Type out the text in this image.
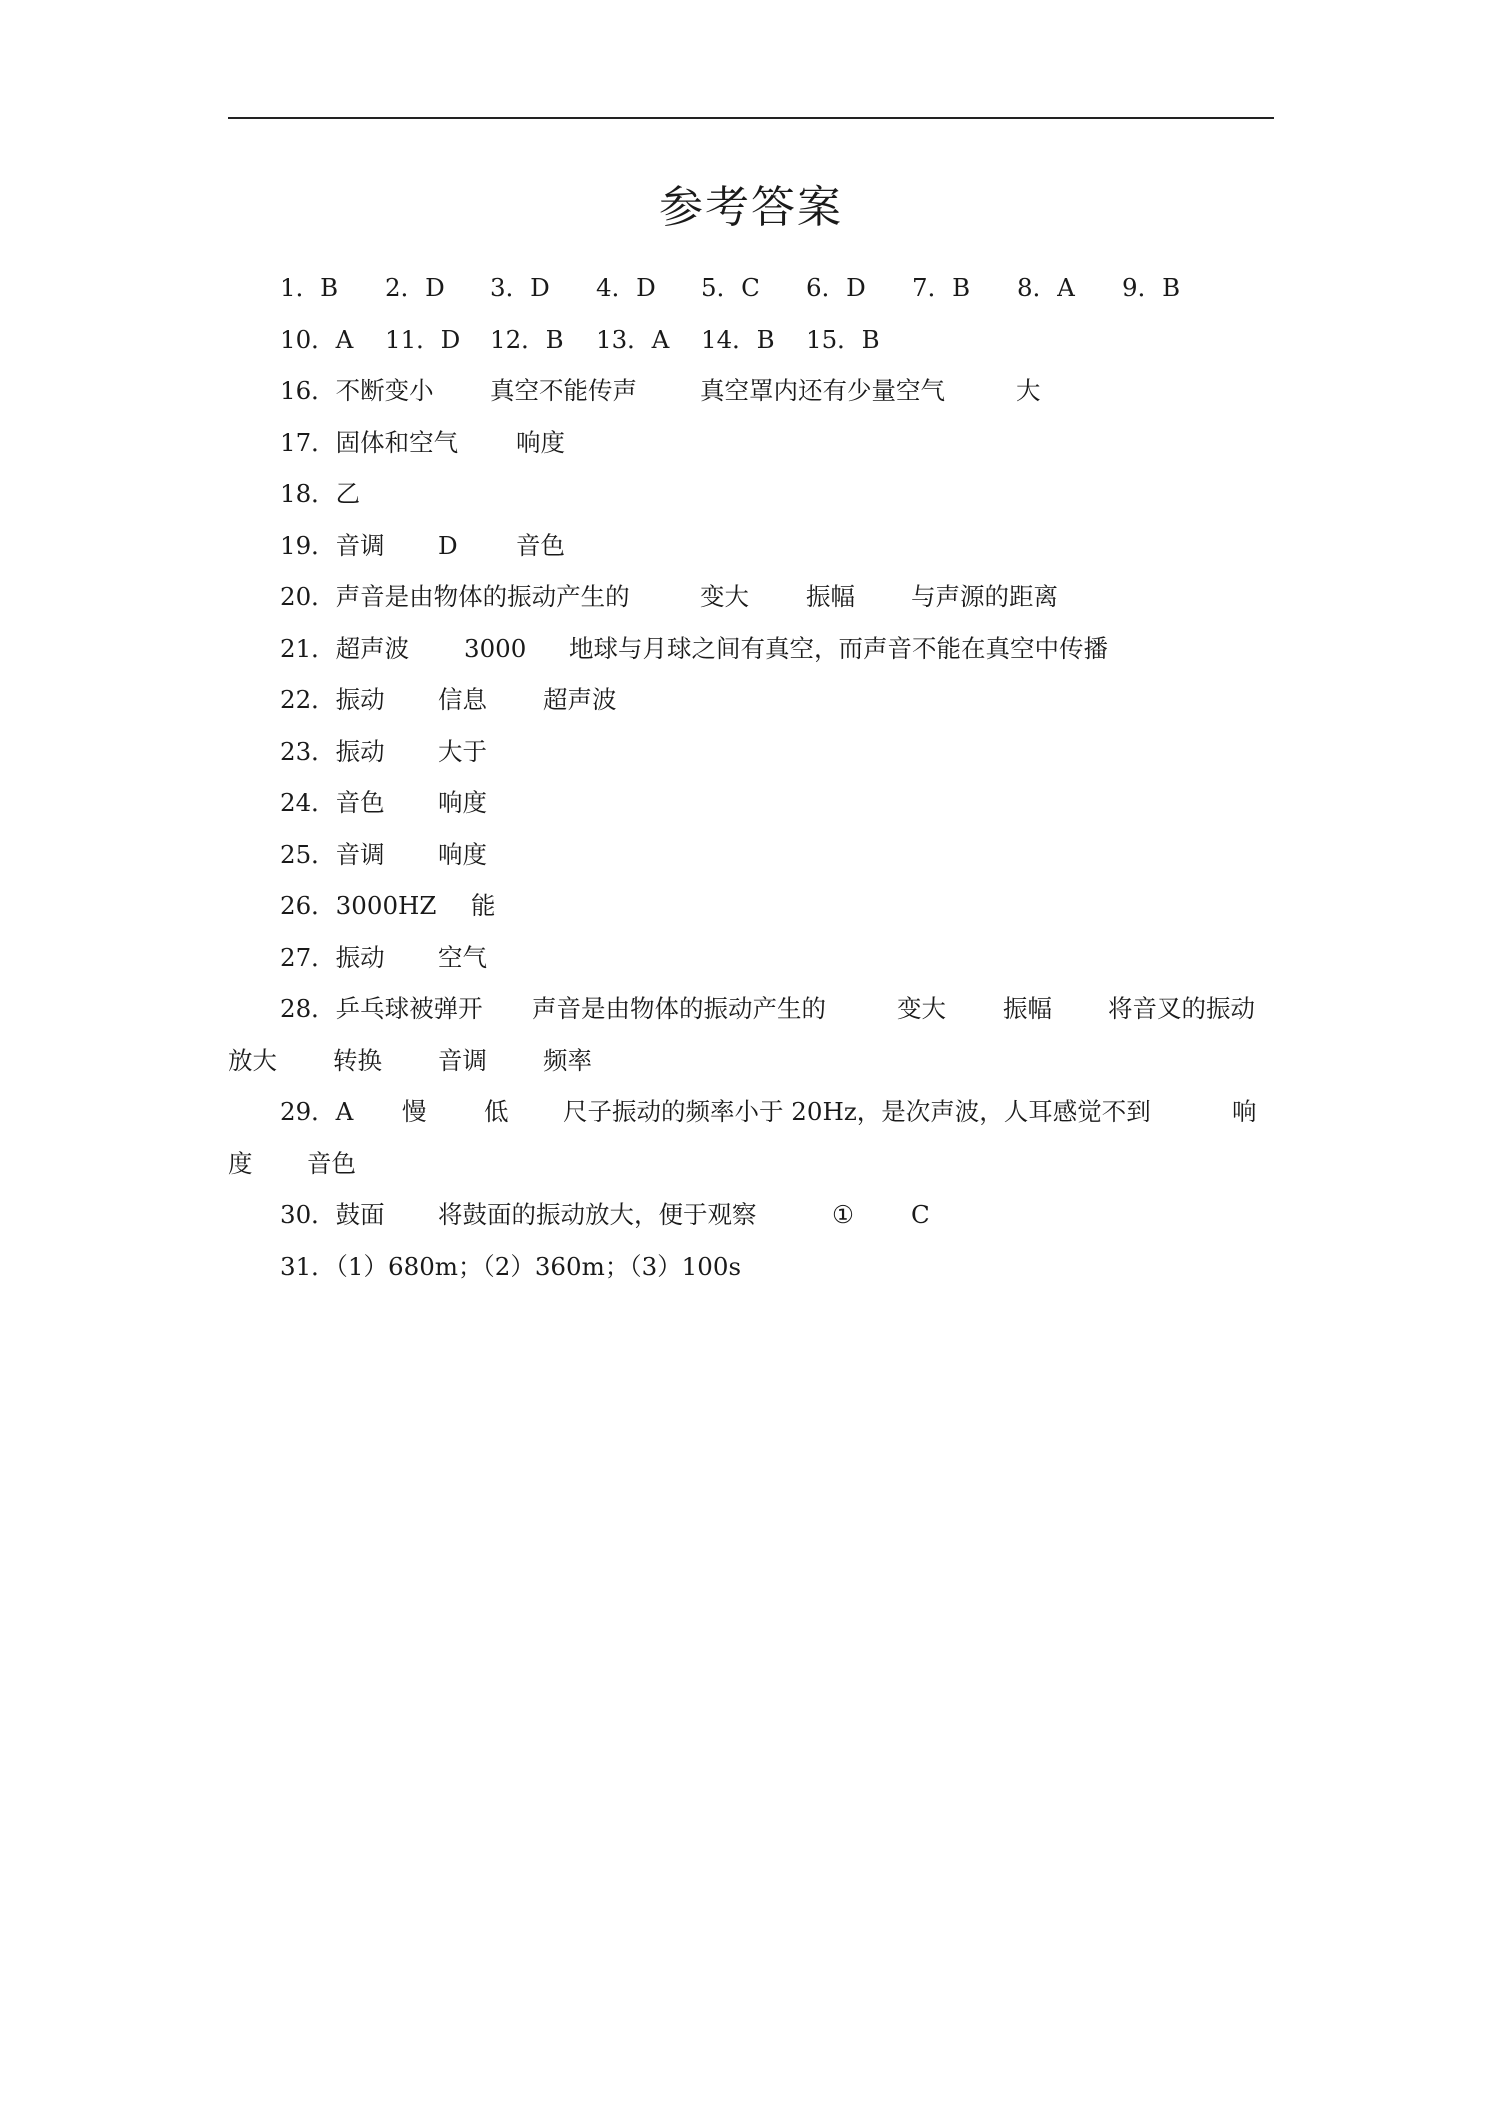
参考答案
1．B 2．D 3．D 4．D 5．C 6．D 7．B 8．A 9．B
10．A 11．D 12．B 13．A 14．B 15．B
16．不断变小 真空不能传声	真空罩内还有少量空气	大
17．固体和空气 响度
18．乙
19．音调 D 音色
20．声音是由物体的振动产生的	变大 振幅 与声源的距离
21．超声波 3000 地球与月球之间有真空，而声音不能在真空中传播
22．振动 信息 超声波
23．振动 大于
24．音色 响度
25．音调 响度
26．3000HZ 能
27．振动 空气
28．乒乓球被弹开 声音是由物体的振动产生的	变大 振幅 将音叉的振动
放大 转换 音调 频率
29．A 慢 低 尺子振动的频率小于 20Hz，是次声波，人耳感觉不到	响
度 音色
30．鼓面 将鼓面的振动放大，便于观察	① C
31．（1）680m；（2）360m；（3）100s
